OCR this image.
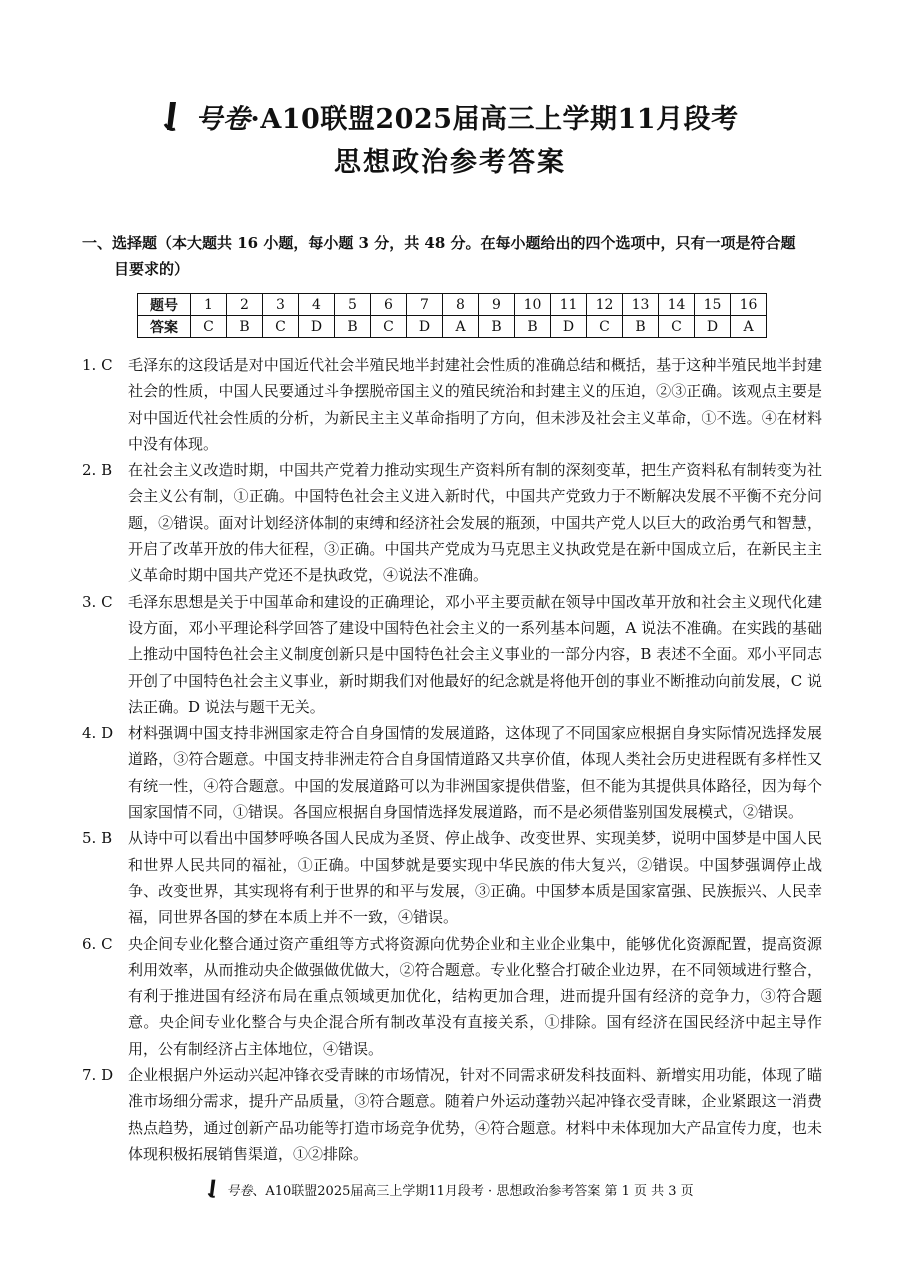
号卷·A10联盟2025届高三上学期11月段考
思想政治参考答案
一、选择题（本大题共 16 小题，每小题 3 分，共 48 分。在每小题给出的四个选项中，只有一项是符合题
目要求的）
题号	1	2	3	4	5	6	7	8	9	10	11	12	13	14	15	16
答案	C	B	C	D	B	C	D	A	B	B	D	C	B	C	D	A
1. C	毛泽东的这段话是对中国近代社会半殖民地半封建社会性质的准确总结和概括，基于这种半殖民地半封建社会的性质，中国人民要通过斗争摆脱帝国主义的殖民统治和封建主义的压迫，②③正确。该观点主要是对中国近代社会性质的分析，为新民主主义革命指明了方向，但未涉及社会主义革命，①不选。④在材料中没有体现。
2. B	在社会主义改造时期，中国共产党着力推动实现生产资料所有制的深刻变革，把生产资料私有制转变为社会主义公有制，①正确。中国特色社会主义进入新时代，中国共产党致力于不断解决发展不平衡不充分问题，②错误。面对计划经济体制的束缚和经济社会发展的瓶颈，中国共产党人以巨大的政治勇气和智慧，开启了改革开放的伟大征程，③正确。中国共产党成为马克思主义执政党是在新中国成立后，在新民主主义革命时期中国共产党还不是执政党，④说法不准确。
3. C	毛泽东思想是关于中国革命和建设的正确理论，邓小平主要贡献在领导中国改革开放和社会主义现代化建设方面，邓小平理论科学回答了建设中国特色社会主义的一系列基本问题，A 说法不准确。在实践的基础上推动中国特色社会主义制度创新只是中国特色社会主义事业的一部分内容，B 表述不全面。邓小平同志开创了中国特色社会主义事业，新时期我们对他最好的纪念就是将他开创的事业不断推动向前发展，C 说法正确。D 说法与题干无关。
4. D 材料强调中国支持非洲国家走符合自身国情的发展道路，这体现了不同国家应根据自身实际情况选择发展道路，③符合题意。中国支持非洲走符合自身国情道路又共享价值，体现人类社会历史进程既有多样性又有统一性，④符合题意。中国的发展道路可以为非洲国家提供借鉴，但不能为其提供具体路径，因为每个国家国情不同，①错误。各国应根据自身国情选择发展道路，而不是必须借鉴别国发展模式，②错误。
5. B	从诗中可以看出中国梦呼唤各国人民成为圣贤、停止战争、改变世界、实现美梦，说明中国梦是中国人民和世界人民共同的福祉，①正确。中国梦就是要实现中华民族的伟大复兴，②错误。中国梦强调停止战争、改变世界，其实现将有利于世界的和平与发展，③正确。中国梦本质是国家富强、民族振兴、人民幸福，同世界各国的梦在本质上并不一致，④错误。
6. C	央企间专业化整合通过资产重组等方式将资源向优势企业和主业企业集中，能够优化资源配置，提高资源利用效率，从而推动央企做强做优做大，②符合题意。专业化整合打破企业边界，在不同领域进行整合，有利于推进国有经济布局在重点领域更加优化，结构更加合理，进而提升国有经济的竞争力，③符合题意。央企间专业化整合与央企混合所有制改革没有直接关系，①排除。国有经济在国民经济中起主导作用，公有制经济占主体地位，④错误。
7. D 企业根据户外运动兴起冲锋衣受青睐的市场情况，针对不同需求研发科技面料、新增实用功能，体现了瞄准市场细分需求，提升产品质量，③符合题意。随着户外运动蓬勃兴起冲锋衣受青睐，企业紧跟这一消费热点趋势，通过创新产品功能等打造市场竞争优势，④符合题意。材料中未体现加大产品宣传力度，也未体现积极拓展销售渠道，①②排除。
号卷、A10联盟2025届高三上学期11月段考 · 思想政治参考答案 第 1 页 共 3 页
